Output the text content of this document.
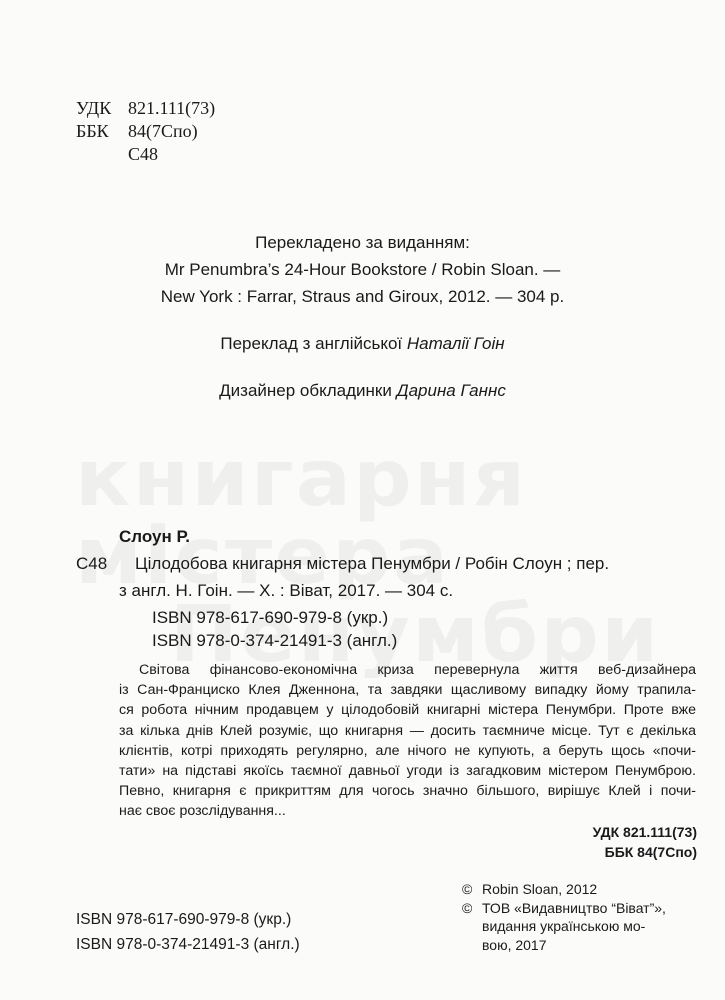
УДК 821.111(73)
ББК	84(7Спо)
С48
Перекладено за виданням:
Mr Penumbra’s 24-Hour Bookstore / Robin Sloan. —
New York : Farrar, Straus and Giroux, 2012. — 304 p.
Переклад з англійської Наталії Гоін
Дизайнер обкладинки Дарина Ганнс
Слоун Р.
С48 Цілодобова книгарня містера Пенумбри / Робін Слоун ; пер.
з англ. Н. Гоін. — Х. : Віват, 2017. — 304 с.
ISBN 978-617-690-979-8 (укр.)
ISBN 978-0-374-21491-3 (англ.)
Світова фінансово-економічна криза перевернула життя веб-дизайнера
із Сан-Франциско Клея Дженнона, та завдяки щасливому випадку йому трапила-
ся робота нічним продавцем у цілодобовій книгарні містера Пенумбри. Проте вже
за кілька днів Клей розуміє, що книгарня — досить таємниче місце. Тут є декілька
клієнтів, котрі приходять регулярно, але нічого не купують, а беруть щось «почи-
тати» на підставі якоїсь таємної давньої угоди із загадковим містером Пенумброю.
Певно, книгарня є прикриттям для чогось значно більшого, вирішує Клей і почи-
нає своє розслідування...
УДК 821.111(73)
ББК 84(7Спо)
© Robin Sloan, 2012
© ТОВ «Видавництво “Віват”»,
видання українською мо-
вою, 2017
ISBN 978-617-690-979-8 (укр.)
ISBN 978-0-374-21491-3 (англ.)
